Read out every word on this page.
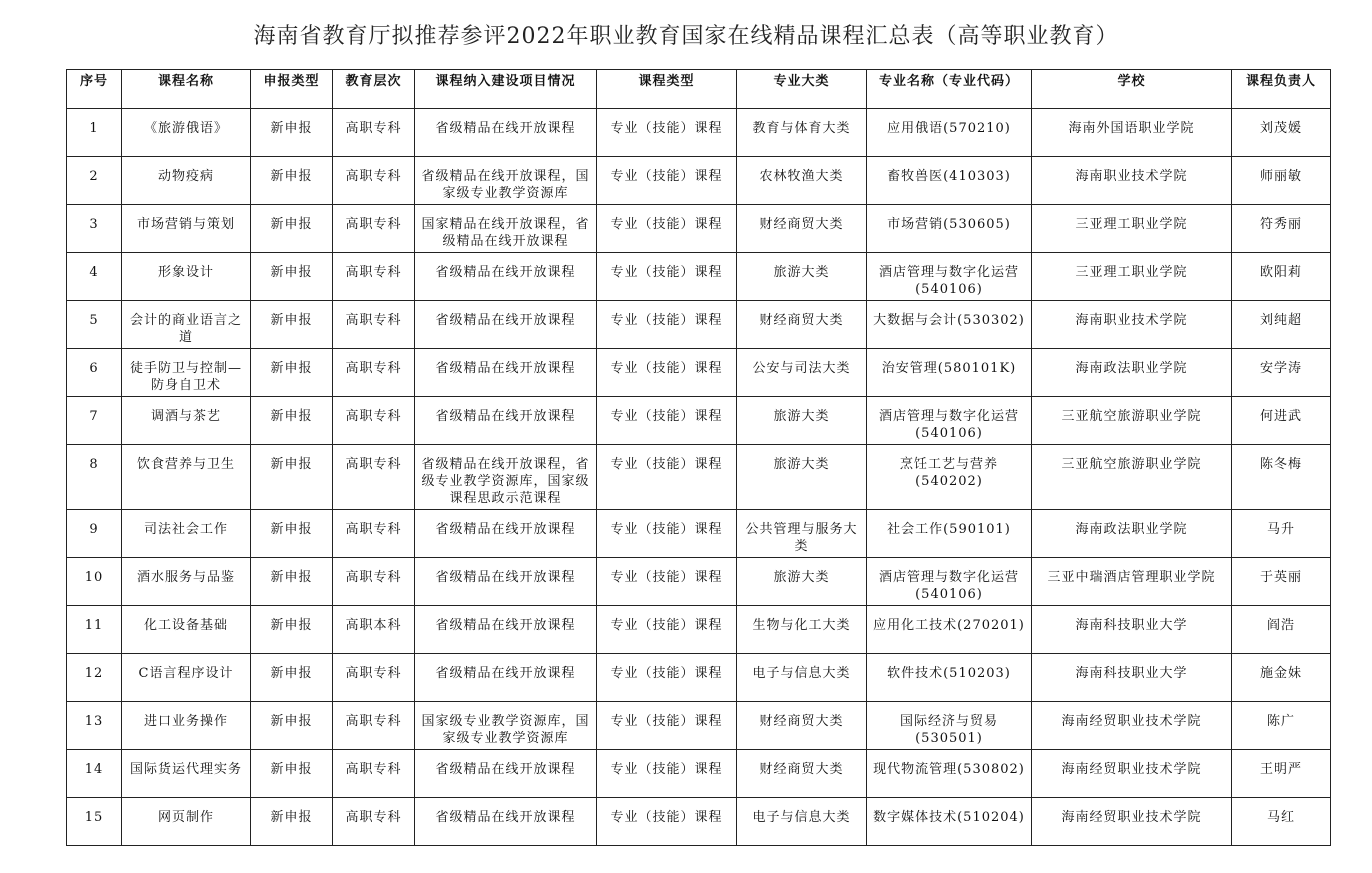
海南省教育厅拟推荐参评2022年职业教育国家在线精品课程汇总表（高等职业教育）
序号	课程名称	申报类型	教育层次	课程纳入建设项目情况	课程类型	专业大类	专业名称（专业代码）	学校	课程负责人
1	《旅游俄语》	新申报	高职专科	省级精品在线开放课程	专业（技能）课程	教育与体育大类	应用俄语(570210)	海南外国语职业学院	刘茂媛
2	动物疫病	新申报	高职专科	省级精品在线开放课程，国家级专业教学资源库	专业（技能）课程	农林牧渔大类	畜牧兽医(410303)	海南职业技术学院	师丽敏
3	市场营销与策划	新申报	高职专科	国家精品在线开放课程，省级精品在线开放课程	专业（技能）课程	财经商贸大类	市场营销(530605)	三亚理工职业学院	符秀丽
4	形象设计	新申报	高职专科	省级精品在线开放课程	专业（技能）课程	旅游大类	酒店管理与数字化运营(540106)	三亚理工职业学院	欧阳莉
5	会计的商业语言之道	新申报	高职专科	省级精品在线开放课程	专业（技能）课程	财经商贸大类	大数据与会计(530302)	海南职业技术学院	刘纯超
6	徒手防卫与控制—防身自卫术	新申报	高职专科	省级精品在线开放课程	专业（技能）课程	公安与司法大类	治安管理(580101K)	海南政法职业学院	安学涛
7	调酒与茶艺	新申报	高职专科	省级精品在线开放课程	专业（技能）课程	旅游大类	酒店管理与数字化运营(540106)	三亚航空旅游职业学院	何进武
8	饮食营养与卫生	新申报	高职专科	省级精品在线开放课程，省级专业教学资源库，国家级课程思政示范课程	专业（技能）课程	旅游大类	烹饪工艺与营养(540202)	三亚航空旅游职业学院	陈冬梅
9	司法社会工作	新申报	高职专科	省级精品在线开放课程	专业（技能）课程	公共管理与服务大类	社会工作(590101)	海南政法职业学院	马升
10	酒水服务与品鉴	新申报	高职专科	省级精品在线开放课程	专业（技能）课程	旅游大类	酒店管理与数字化运营(540106)	三亚中瑞酒店管理职业学院	于英丽
11	化工设备基础	新申报	高职本科	省级精品在线开放课程	专业（技能）课程	生物与化工大类	应用化工技术(270201)	海南科技职业大学	阎浩
12	C语言程序设计	新申报	高职专科	省级精品在线开放课程	专业（技能）课程	电子与信息大类	软件技术(510203)	海南科技职业大学	施金妹
13	进口业务操作	新申报	高职专科	国家级专业教学资源库，国家级专业教学资源库	专业（技能）课程	财经商贸大类	国际经济与贸易(530501)	海南经贸职业技术学院	陈广
14	国际货运代理实务	新申报	高职专科	省级精品在线开放课程	专业（技能）课程	财经商贸大类	现代物流管理(530802)	海南经贸职业技术学院	王明严
15	网页制作	新申报	高职专科	省级精品在线开放课程	专业（技能）课程	电子与信息大类	数字媒体技术(510204)	海南经贸职业技术学院	马红
